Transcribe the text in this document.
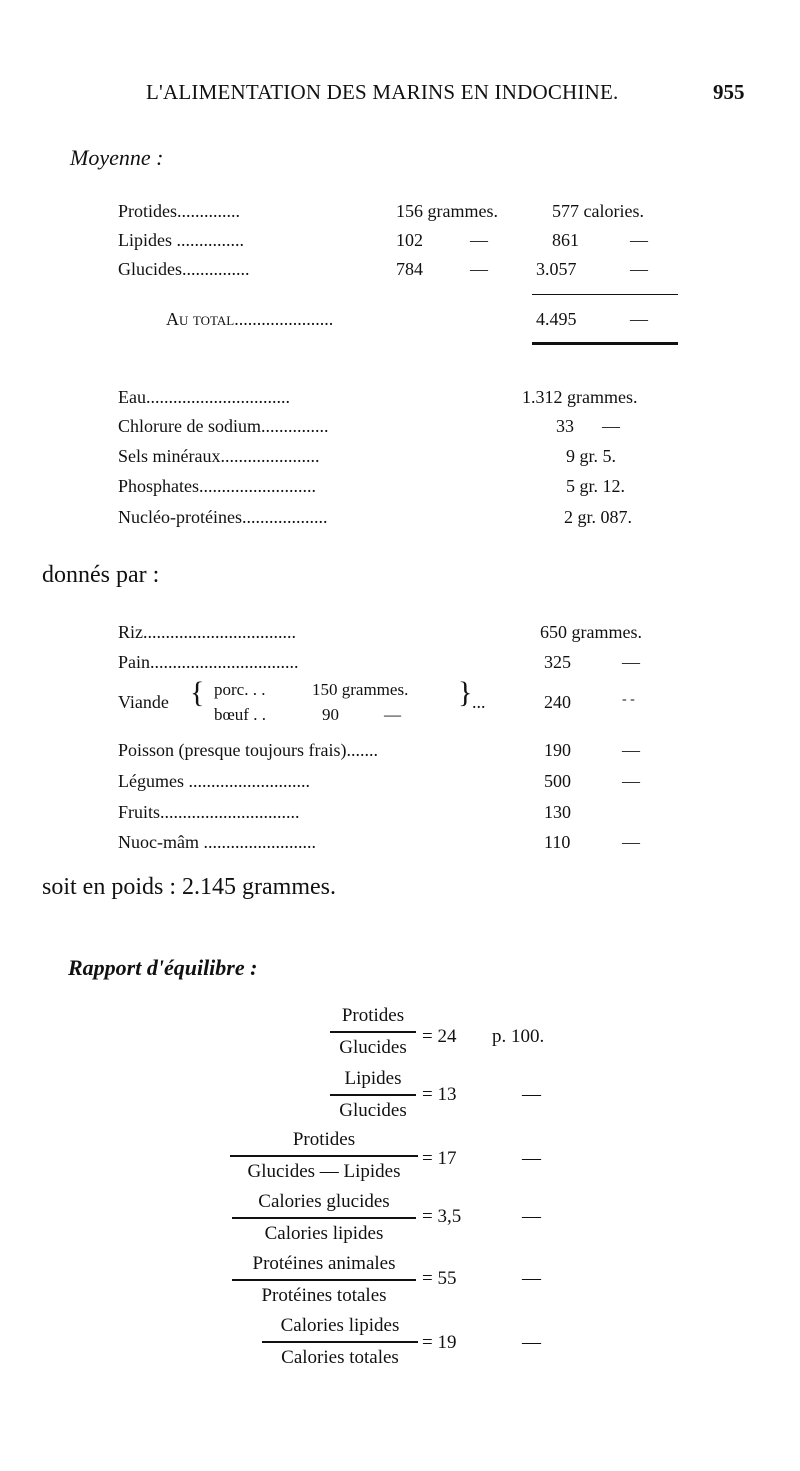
L'ALIMENTATION DES MARINS EN INDOCHINE.	955
Moyenne :
Protides..............	156 grammes.	577 calories.
Lipides ...............	102	—	861	—
Glucides...............	784	—	3.057	—
Au total......................	4.495	—
Eau................................	1.312 grammes.
Chlorure de sodium...............	33 —
Sels minéraux......................	9 gr. 5.
Phosphates..........................	5 gr. 12.
Nucléo-protéines...................	2 gr. 087.
donnés par :
Riz..................................	650 grammes.
Pain.................................	325	—
Viande { porc. . .	150 grammes.
bœuf . .	90	—
} ...	240	- -
Poisson (presque toujours frais).......	190	—
Légumes ...........................	500	—
Fruits...............................	130
Nuoc-mâm .........................	110	—
soit en poids : 2.145 grammes.
Rapport d'équilibre :
Protides
Glucides = 24 p. 100.
Lipides
Glucides
= 13	—
Protides
Glucides — Lipides
= 17	—
Calories glucides
Calories lipides
= 3,5	—
Protéines animales
Protéines totales
= 55	—
Calories lipides
Calories totales
= 19	—
